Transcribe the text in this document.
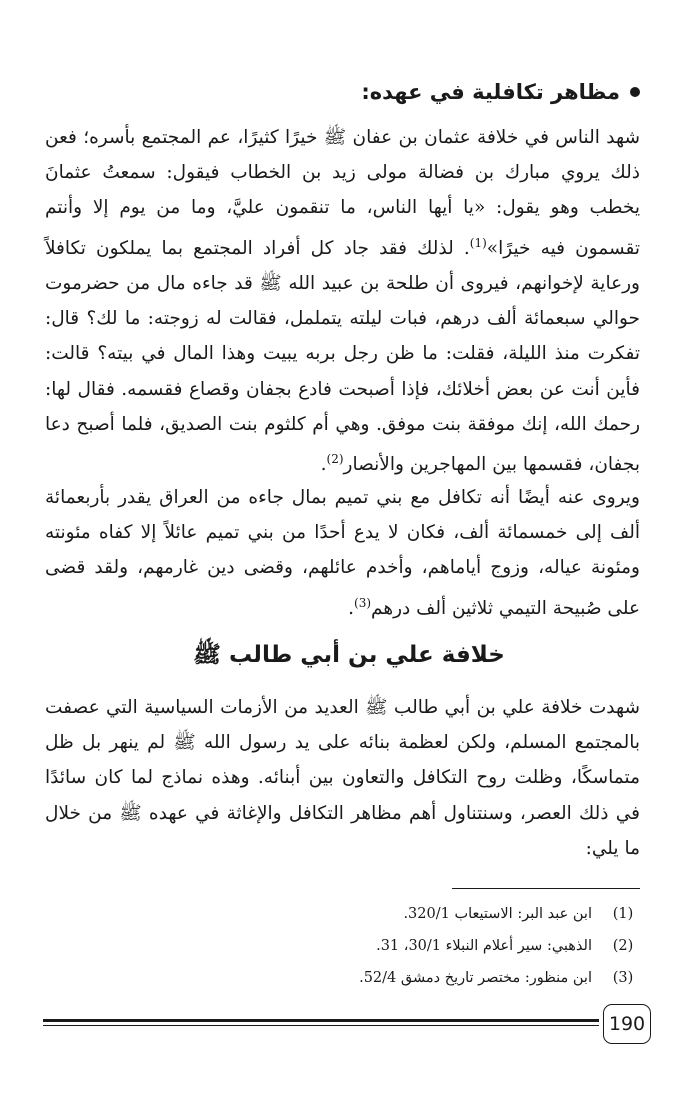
مظاهر تكافلية في عهده:

شهد الناس في خلافة عثمان بن عفان ﷺ خيرًا كثيرًا، عم المجتمع بأسره؛ فعن ذلك يروي مبارك بن فضالة مولى زيد بن الخطاب فيقول: سمعتُ عثمانَ يخطب وهو يقول: «يا أيها الناس، ما تنقمون عليَّ، وما من يوم إلا وأنتم تقسمون فيه خيرًا»$^{(1)}$. لذلك فقد جاد كل أفراد المجتمع بما يملكون تكافلاً ورعاية لإخوانهم، فيروى أن طلحة بن عبيد الله ﷺ قد جاءه مال من حضرموت حوالي سبعمائة ألف درهم، فبات ليلته يتململ، فقالت له زوجته: ما لك؟ قال: تفكرت منذ الليلة، فقلت: ما ظن رجل بربه يبيت وهذا المال في بيته؟ قالت: فأين أنت عن بعض أخلائك، فإذا أصبحت فادع بجفان وقصاع فقسمه. فقال لها: رحمك الله، إنك موفقة بنت موفق. وهي أم كلثوم بنت الصديق، فلما أصبح دعا بجفان، فقسمها بين المهاجرين والأنصار$^{(2)}$.

ويروى عنه أيضًا أنه تكافل مع بني تميم بمال جاءه من العراق يقدر بأربعمائة ألف إلى خمسمائة ألف، فكان لا يدع أحدًا من بني تميم عائلاً إلا كفاه مئونته ومئونة عياله، وزوج أياماهم، وأخدم عائلهم، وقضى دين غارمهم، ولقد قضى على صُبيحة التيمي ثلاثين ألف درهم$^{(3)}$.

خلافة علي بن أبي طالب ﷺ

شهدت خلافة علي بن أبي طالب ﷺ العديد من الأزمات السياسية التي عصفت بالمجتمع المسلم، ولكن لعظمة بنائه على يد رسول الله ﷺ لم ينهر بل ظل متماسكًا، وظلت روح التكافل والتعاون بين أبنائه. وهذه نماذج لما كان سائدًا في ذلك العصر، وسنتناول أهم مظاهر التكافل والإغاثة في عهده ﷺ من خلال ما يلي:

(1)
ابن عبد البر: الاستيعاب 320/1.
(2)
الذهبي: سير أعلام النبلاء 30/1، 31.
(3)
ابن منظور: مختصر تاريخ دمشق 52/4.
190
